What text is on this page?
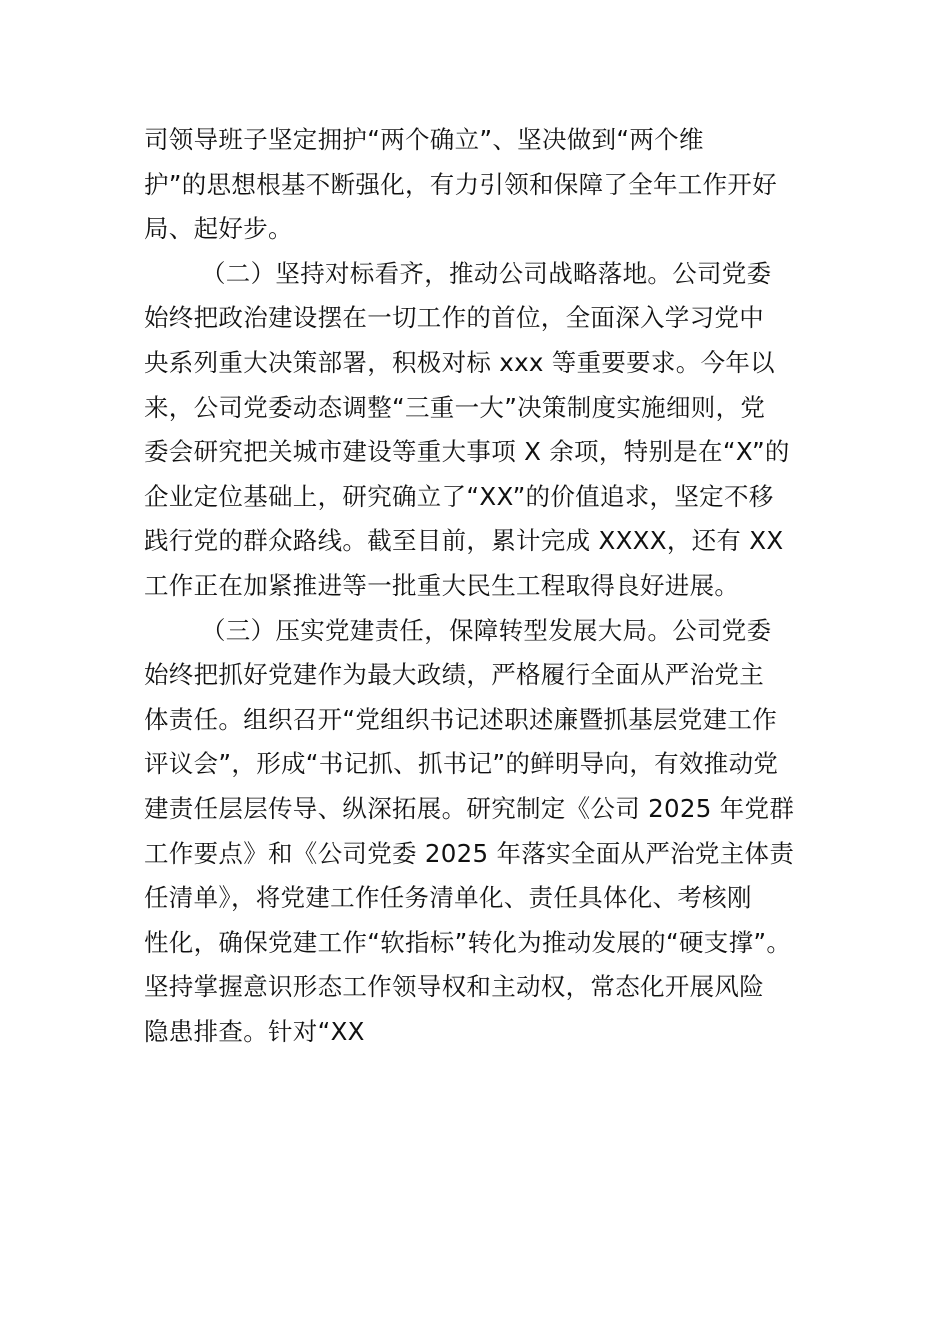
司领导班子坚定拥护“两个确立”、坚决做到“两个维
护”的思想根基不断强化，有力引领和保障了全年工作开好
局、起好步。
（二）坚持对标看齐，推动公司战略落地。公司党委
始终把政治建设摆在一切工作的首位，全面深入学习党中
央系列重大决策部署，积极对标 xxx 等重要要求。今年以
来，公司党委动态调整“三重一大”决策制度实施细则，党
委会研究把关城市建设等重大事项 X 余项，特别是在“X”的
企业定位基础上，研究确立了“XX”的价值追求，坚定不移
践行党的群众路线。截至目前，累计完成 XXXX，还有 XX
工作正在加紧推进等一批重大民生工程取得良好进展。
（三）压实党建责任，保障转型发展大局。公司党委
始终把抓好党建作为最大政绩，严格履行全面从严治党主
体责任。组织召开“党组织书记述职述廉暨抓基层党建工作
评议会”，形成“书记抓、抓书记”的鲜明导向，有效推动党
建责任层层传导、纵深拓展。研究制定《公司 2025 年党群
工作要点》和《公司党委 2025 年落实全面从严治党主体责
任清单》，将党建工作任务清单化、责任具体化、考核刚
性化，确保党建工作“软指标”转化为推动发展的“硬支撑”。
坚持掌握意识形态工作领导权和主动权，常态化开展风险
隐患排查。针对“XX
